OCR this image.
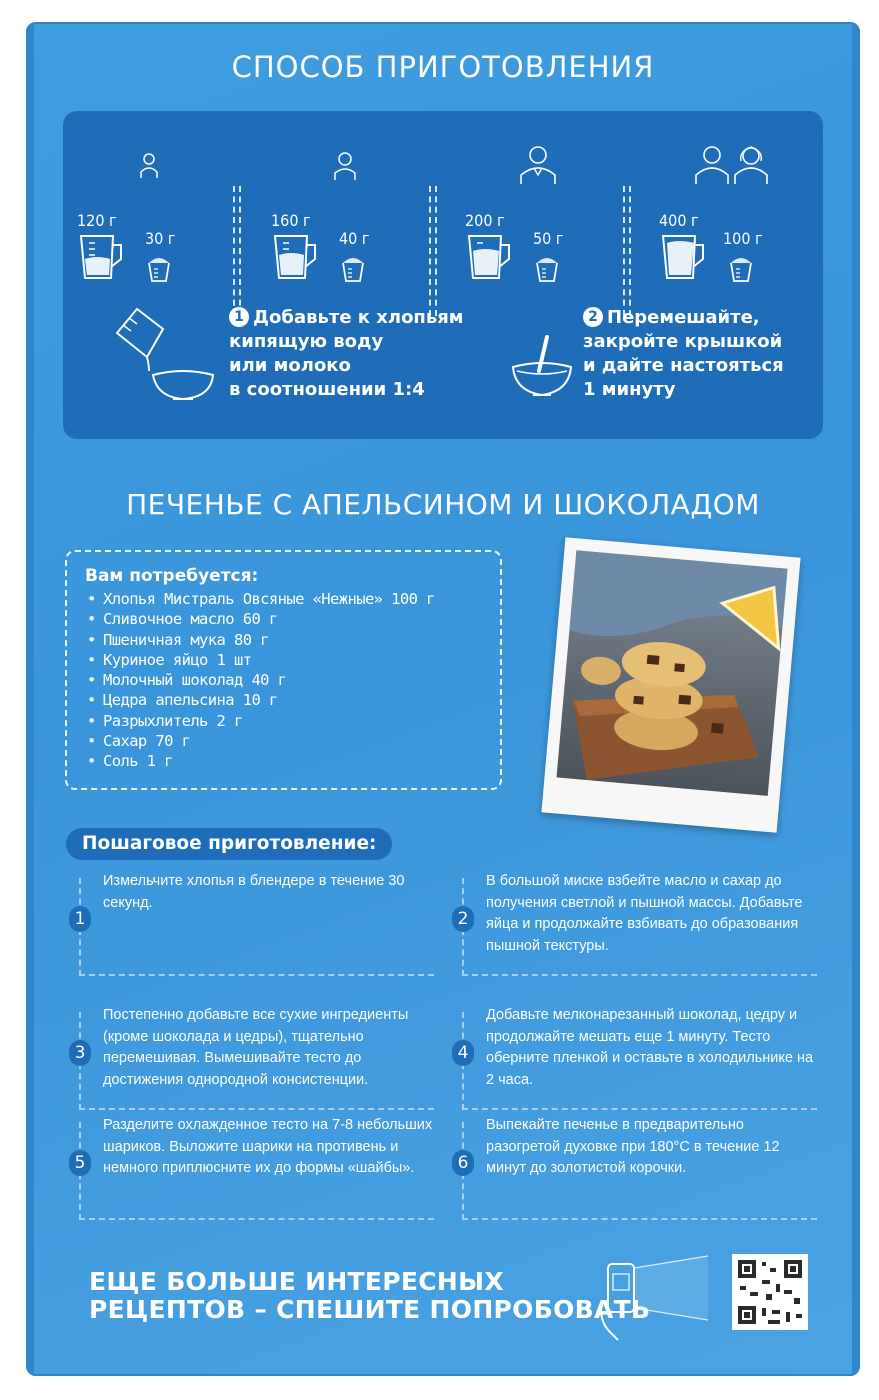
СПОСОБ ПРИГОТОВЛЕНИЯ
120 г
30 г
160 г
40 г
200 г
50 г
400 г
100 г
1 Добавьте к хлопьям
кипящую воду
или молоко
в соотношении 1:4
2 Перемешайте,
закройте крышкой
и дайте настояться
1 минуту
ПЕЧЕНЬЕ С АПЕЛЬСИНОМ И ШОКОЛАДОМ
Вам потребуется:
• Хлопья Мистраль Овсяные «Нежные» 100 г
• Сливочное масло 60 г
• Пшеничная мука 80 г
• Куриное яйцо 1 шт
• Молочный шоколад 40 г
• Цедра апельсина 10 г
• Разрыхлитель 2 г
• Сахар 70 г
• Соль 1 г
Пошаговое приготовление:
1
Измельчите хлопья в блендере в течение 30 секунд.
2
В большой миске взбейте масло и сахар до получения светлой и пышной массы. Добавьте яйца и продолжайте взбивать до образования пышной текстуры.
3
Постепенно добавьте все сухие ингредиенты (кроме шоколада и цедры), тщательно перемешивая. Вымешивайте тесто до достижения однородной консистенции.
4
Добавьте мелконарезанный шоколад, цедру и продолжайте мешать еще 1 минуту. Тесто оберните пленкой и оставьте в холодильнике на 2 часа.
5
Разделите охлажденное тесто на 7-8 небольших шариков. Выложите шарики на противень и немного приплюсните их до формы «шайбы».	6
Выпекайте печенье в предварительно разогретой духовке при 180°С в течение 12 минут до золотистой корочки.
ЕЩЕ БОЛЬШЕ ИНТЕРЕСНЫХ
РЕЦЕПТОВ – СПЕШИТЕ ПОПРОБОВАТЬ
